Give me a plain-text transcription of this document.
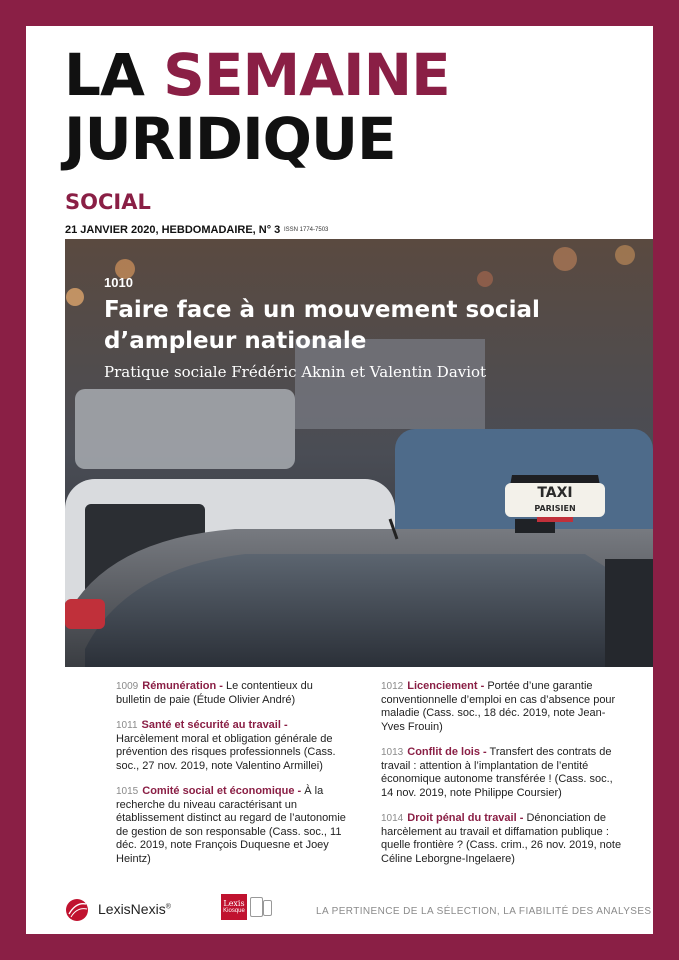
LA SEMAINE
JURIDIQUE
SOCIAL
21 JANVIER 2020, HEBDOMADAIRE, N° 3 ISSN 1774-7503
TAXI
PARISIEN
1010
Faire face à un mouvement social d’ampleur nationale
Pratique sociale Frédéric Aknin et Valentin Daviot
1009 Rémunération - Le contentieux du bulletin de paie (Étude Olivier André)
1011 Santé et sécurité au travail - Harcèlement moral et obligation générale de prévention des risques professionnels (Cass. soc., 27 nov. 2019, note Valentino Armillei)
1015 Comité social et économique - À la recherche du niveau caractérisant un établissement distinct au regard de l’autonomie de gestion de son responsable (Cass. soc., 11 déc. 2019, note François Duquesne et Joey Heintz)
1012 Licenciement - Portée d’une garantie conventionnelle d’emploi en cas d’absence pour maladie (Cass. soc., 18 déc. 2019, note Jean-Yves Frouin)
1013 Conflit de lois - Transfert des contrats de travail : attention à l’implantation de l’entité économique autonome transférée ! (Cass. soc., 14 nov. 2019, note Philippe Coursier)
1014 Droit pénal du travail - Dénonciation de harcèlement au travail et diffamation publique : quelle frontière ? (Cass. crim., 26 nov. 2019, note Céline Leborgne-Ingelaere)
LexisNexis®	Lexis
Kiosque	LA PERTINENCE DE LA SÉLECTION, LA FIABILITÉ DES ANALYSES
